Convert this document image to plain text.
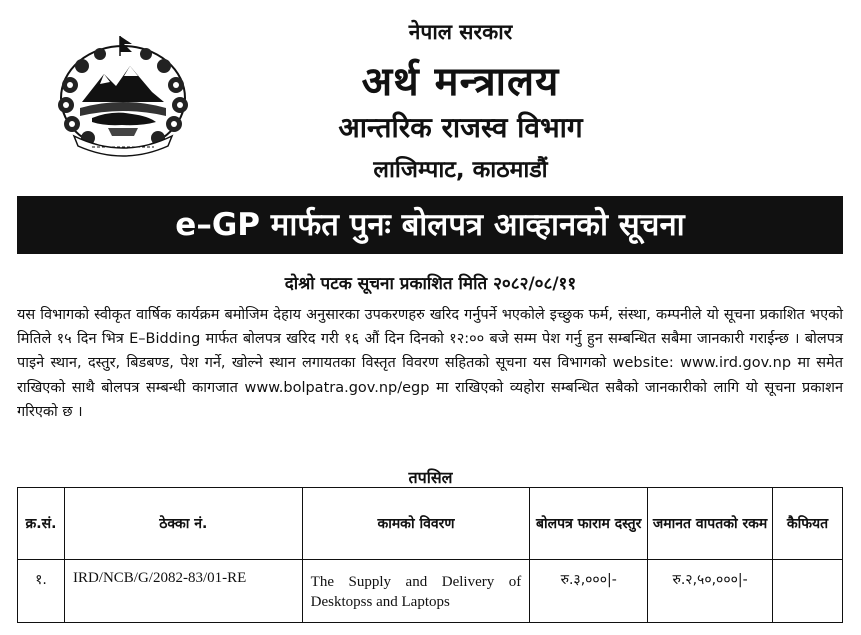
नेपाल सरकार
अर्थ मन्त्रालय
आन्तरिक राजस्व विभाग
लाजिम्पाट, काठमाडौं
e–GP मार्फत पुनः बोलपत्र आव्हानको सूचना
दोश्रो पटक सूचना प्रकाशित मिति २०८२/०८/११
यस विभागको स्वीकृत वार्षिक कार्यक्रम बमोजिम देहाय अनुसारका उपकरणहरु खरिद गर्नुपर्ने भएकोले इच्छुक फर्म, संस्था, कम्पनीले यो सूचना प्रकाशित भएको मितिले १५ दिन भित्र E–Bidding मार्फत बोलपत्र खरिद गरी १६ औं दिन दिनको १२:०० बजे सम्म पेश गर्नु हुन सम्बन्धित सबैमा जानकारी गराईन्छ । बोलपत्र पाइने स्थान, दस्तुर, बिडबण्ड, पेश गर्ने, खोल्ने स्थान लगायतका विस्तृत विवरण सहितको सूचना यस विभागको website: www.ird.gov.np मा समेत राखिएको साथै बोलपत्र सम्बन्धी कागजात www.bolpatra.gov.np/egp मा राखिएको व्यहोरा सम्बन्धित सबैको जानकारीको लागि यो सूचना प्रकाशन गरिएको छ ।
तपसिल
क्र.सं.	ठेक्का नं.	कामको विवरण	बोलपत्र फाराम दस्तुर	जमानत वापतको रकम	कैफियत
१.	IRD/NCB/G/2082-83/01-RE	The Supply and Delivery of Desktopss and Laptops	रु.३,०००|-	रु.२,५०,०००|-	
